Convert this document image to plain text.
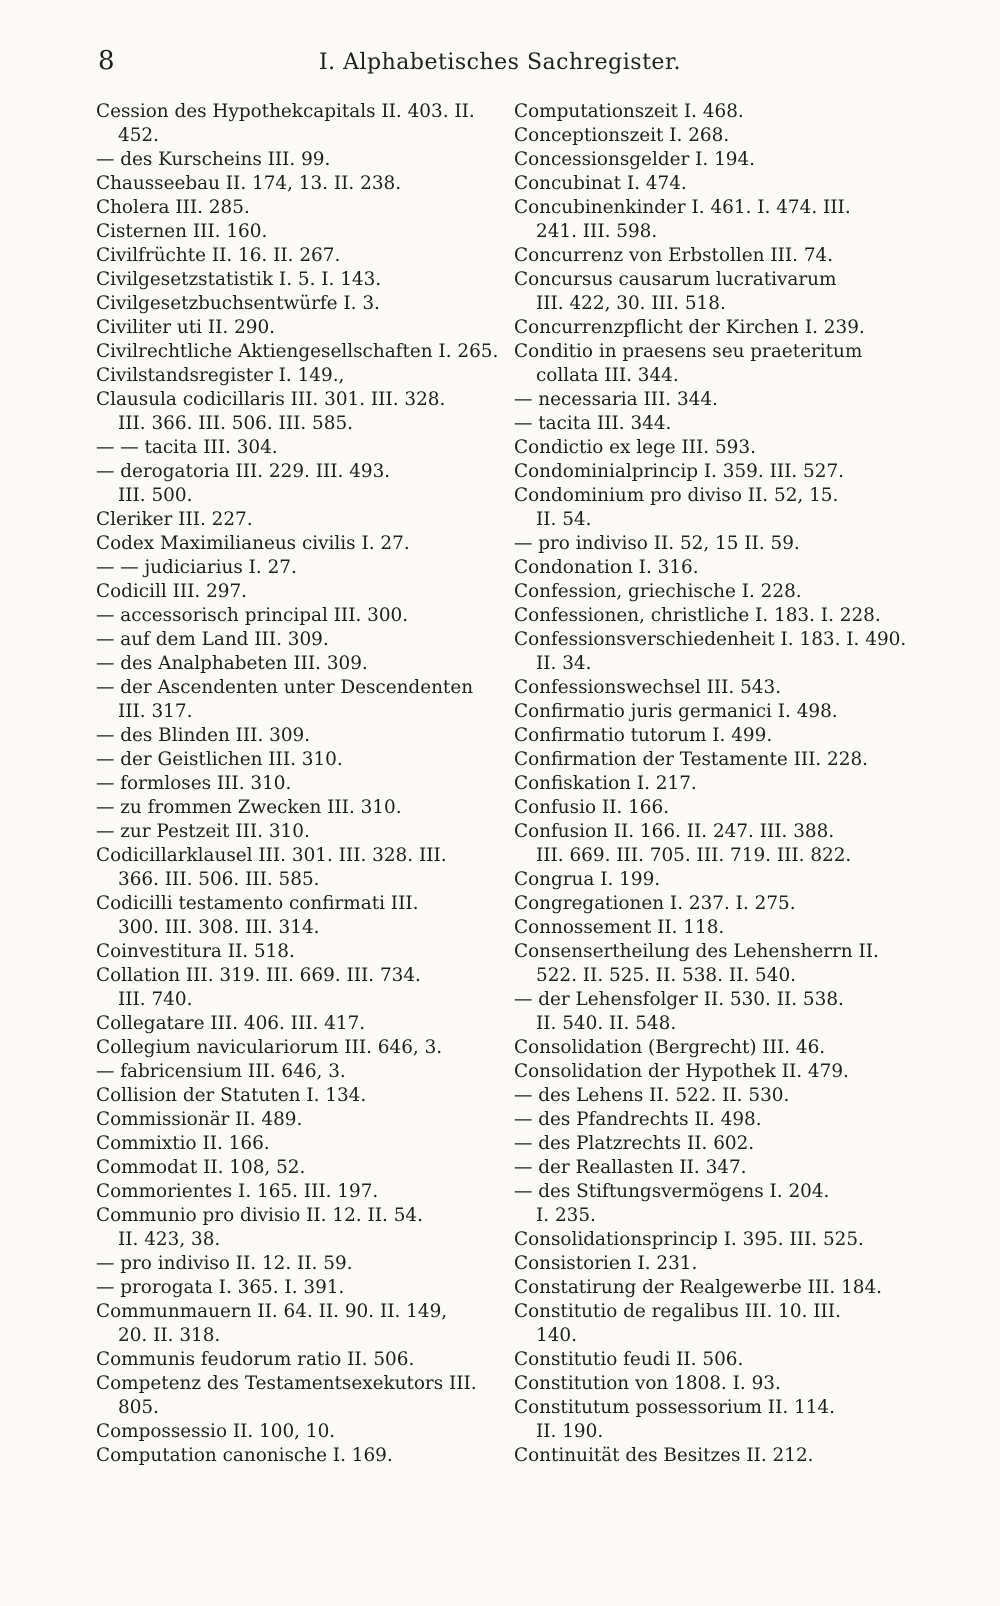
8	I. Alphabetisches Sachregister.
Cession des Hypothekcapitals II. 403. II.
452.
— des Kurscheins III. 99.
Chausseebau II. 174, 13. II. 238.
Cholera III. 285.
Cisternen III. 160.
Civilfrüchte II. 16. II. 267.
Civilgesetzstatistik I. 5. I. 143.
Civilgesetzbuchsentwürfe I. 3.
Civiliter uti II. 290.
Civilrechtliche Aktiengesellschaften I. 265.
Civilstandsregister I. 149.,
Clausula codicillaris III. 301. III. 328.
III. 366. III. 506. III. 585.
— — tacita III. 304.
— derogatoria III. 229. III. 493.
III. 500.
Cleriker III. 227.
Codex Maximilianeus civilis I. 27.
— — judiciarius I. 27.
Codicill III. 297.
— accessorisch principal III. 300.
— auf dem Land III. 309.
— des Analphabeten III. 309.
— der Ascendenten unter Descendenten
III. 317.
— des Blinden III. 309.
— der Geistlichen III. 310.
— formloses III. 310.
— zu frommen Zwecken III. 310.
— zur Pestzeit III. 310.
Codicillarklausel III. 301. III. 328. III.
366. III. 506. III. 585.
Codicilli testamento confirmati III.
300. III. 308. III. 314.
Coinvestitura II. 518.
Collation III. 319. III. 669. III. 734.
III. 740.
Collegatare III. 406. III. 417.
Collegium naviculariorum III. 646, 3.
— fabricensium III. 646, 3.
Collision der Statuten I. 134.
Commissionär II. 489.
Commixtio II. 166.
Commodat II. 108, 52.
Commorientes I. 165. III. 197.
Communio pro divisio II. 12. II. 54.
II. 423, 38.
— pro indiviso II. 12. II. 59.
— prorogata I. 365. I. 391.
Communmauern II. 64. II. 90. II. 149,
20. II. 318.
Communis feudorum ratio II. 506.
Competenz des Testamentsexekutors III.
805.
Compossessio II. 100, 10.
Computation canonische I. 169.
Computationszeit I. 468.
Conceptionszeit I. 268.
Concessionsgelder I. 194.
Concubinat I. 474.
Concubinenkinder I. 461. I. 474. III.
241. III. 598.
Concurrenz von Erbstollen III. 74.
Concursus causarum lucrativarum
III. 422, 30. III. 518.
Concurrenzpflicht der Kirchen I. 239.
Conditio in praesens seu praeteritum
collata III. 344.
— necessaria III. 344.
— tacita III. 344.
Condictio ex lege III. 593.
Condominialprincip I. 359. III. 527.
Condominium pro diviso II. 52, 15.
II. 54.
— pro indiviso II. 52, 15 II. 59.
Condonation I. 316.
Confession, griechische I. 228.
Confessionen, christliche I. 183. I. 228.
Confessionsverschiedenheit I. 183. I. 490.
II. 34.
Confessionswechsel III. 543.
Confirmatio juris germanici I. 498.
Confirmatio tutorum I. 499.
Confirmation der Testamente III. 228.
Confiskation I. 217.
Confusio II. 166.
Confusion II. 166. II. 247. III. 388.
III. 669. III. 705. III. 719. III. 822.
Congrua I. 199.
Congregationen I. 237. I. 275.
Connossement II. 118.
Consensertheilung des Lehensherrn II.
522. II. 525. II. 538. II. 540.
— der Lehensfolger II. 530. II. 538.
II. 540. II. 548.
Consolidation (Bergrecht) III. 46.
Consolidation der Hypothek II. 479.
— des Lehens II. 522. II. 530.
— des Pfandrechts II. 498.
— des Platzrechts II. 602.
— der Reallasten II. 347.
— des Stiftungsvermögens I. 204.
I. 235.
Consolidationsprincip I. 395. III. 525.
Consistorien I. 231.
Constatirung der Realgewerbe III. 184.
Constitutio de regalibus III. 10. III.
140.
Constitutio feudi II. 506.
Constitution von 1808. I. 93.
Constitutum possessorium II. 114.
II. 190.
Continuität des Besitzes II. 212.
